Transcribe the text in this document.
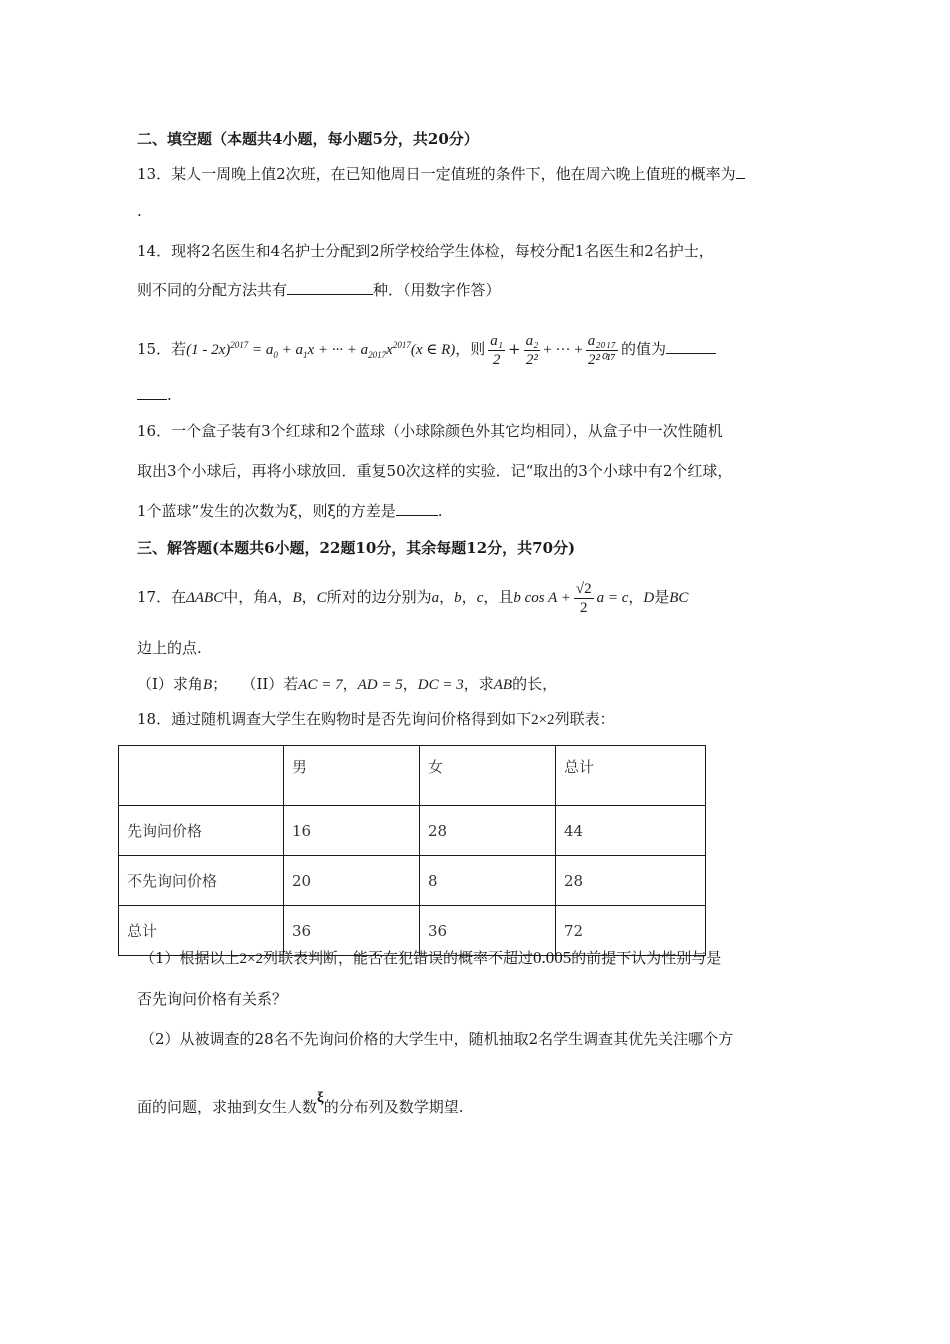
二、填空题（本题共4小题，每小题5分，共20分）
13．某人一周晚上值2次班，在已知他周日一定值班的条件下，他在周六晚上值班的概率为
.
14．现将2名医生和4名护士分配到2所学校给学生体检，每校分配1名医生和2名护士，
则不同的分配方法共有	种．（用数字作答）
15．若$(1 - 2x)^{2017} = a_0 + a_1x$ + ··· + $a_{2017}x^{2017}(x$ ∈ R)，则 $\frac{\text{a₁}}{2} + \frac{\text{a₂}}{\text{2²}}$ + ··· + $\frac{\text{a₂₀₁₇}}{\text{2²⁰¹⁷}}$ 的值为
.
16．一个盒子装有3个红球和2个蓝球（小球除颜色外其它均相同），从盒子中一次性随机
取出3个小球后，再将小球放回．重复50次这样的实验．记“取出的3个小球中有2个红球，
1个蓝球”发生的次数为ξ，则ξ的方差是	.
三、解答题(本题共6小题，22题10分，其余每题12分，共70分)
17．在ΔABC中，角A，B，C所对的边分别为a，b，c，且b $\cos A + \frac{√2}{2}$ a = c，D是BC
边上的点.
（I）求角B； （II）若AC = 7，AD = 5，DC = 3，求AB的长，
18．通过随机调查大学生在购物时是否先询问价格得到如下2×2列联表：
	男	女	总计
先询问价格	16	28	44
不先询问价格	20	8	28
总计	36	36	72
（1）根据以上2×2列联表判断，能否在犯错误的概率不超过0.005的前提下认为性别与是
否先询问价格有关系？
（2）从被调查的28名不先询问价格的大学生中，随机抽取2名学生调查其优先关注哪个方
面的问题，求抽到女生人数ξ的分布列及数学期望.
